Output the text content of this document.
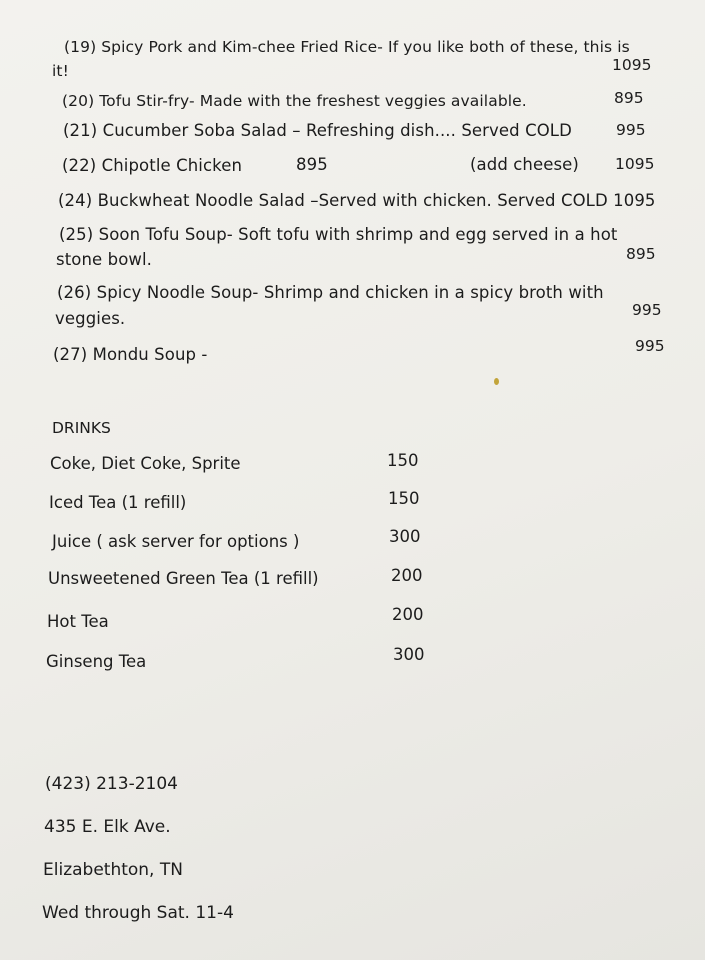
(19) Spicy Pork and Kim-chee Fried Rice- If you like both of these, this is
it!	1095
(20) Tofu Stir-fry- Made with the freshest veggies available.	895
(21) Cucumber Soba Salad – Refreshing dish.... Served COLD	995
(22) Chipotle Chicken	895	(add cheese) 1095
(24) Buckwheat Noodle Salad –Served with chicken. Served COLD 1095
(25) Soon Tofu Soup- Soft tofu with shrimp and egg served in a hot
stone bowl.	895
(26) Spicy Noodle Soup- Shrimp and chicken in a spicy broth with
veggies.	995
(27) Mondu Soup -	995
DRINKS
Coke, Diet Coke, Sprite	150
Iced Tea (1 refill)	150
Juice ( ask server for options )	300
Unsweetened Green Tea (1 refill)	200
Hot Tea	200
Ginseng Tea	300
(423) 213-2104
435 E. Elk Ave.
Elizabethton, TN
Wed through Sat. 11-4
